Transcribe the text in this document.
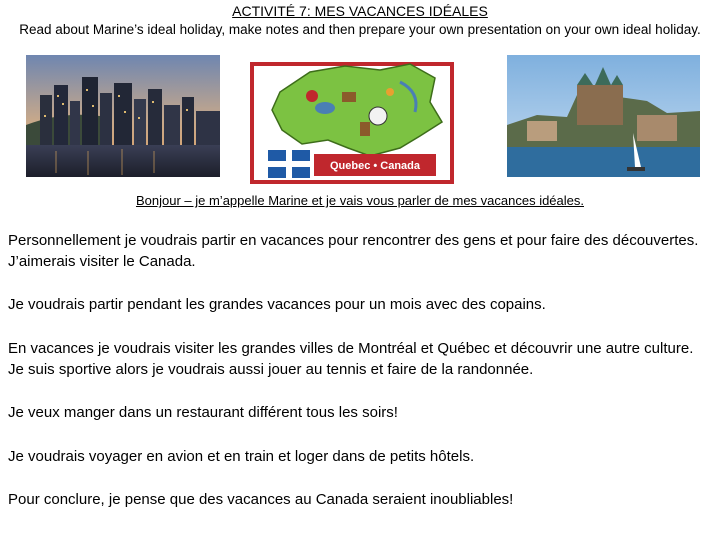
ACTIVITÉ 7: MES VACANCES IDÉALES
Read about Marine’s ideal holiday, make notes and then prepare your own presentation on your own ideal holiday.
Quebec • Canada
Bonjour – je m’appelle Marine et je vais vous parler de mes vacances idéales.
Personnellement je voudrais partir en vacances pour rencontrer des gens et pour faire des découvertes. J’aimerais visiter le Canada.
Je voudrais partir pendant les grandes vacances pour un mois avec des copains.
En vacances je voudrais visiter les grandes villes de Montréal et Québec et découvrir une autre culture. Je suis sportive alors je voudrais aussi jouer au tennis et faire de la randonnée.
Je veux manger dans un restaurant différent tous les soirs!
Je voudrais voyager en avion et en train et loger dans de petits hôtels.
Pour conclure, je pense que des vacances au Canada seraient inoubliables!
